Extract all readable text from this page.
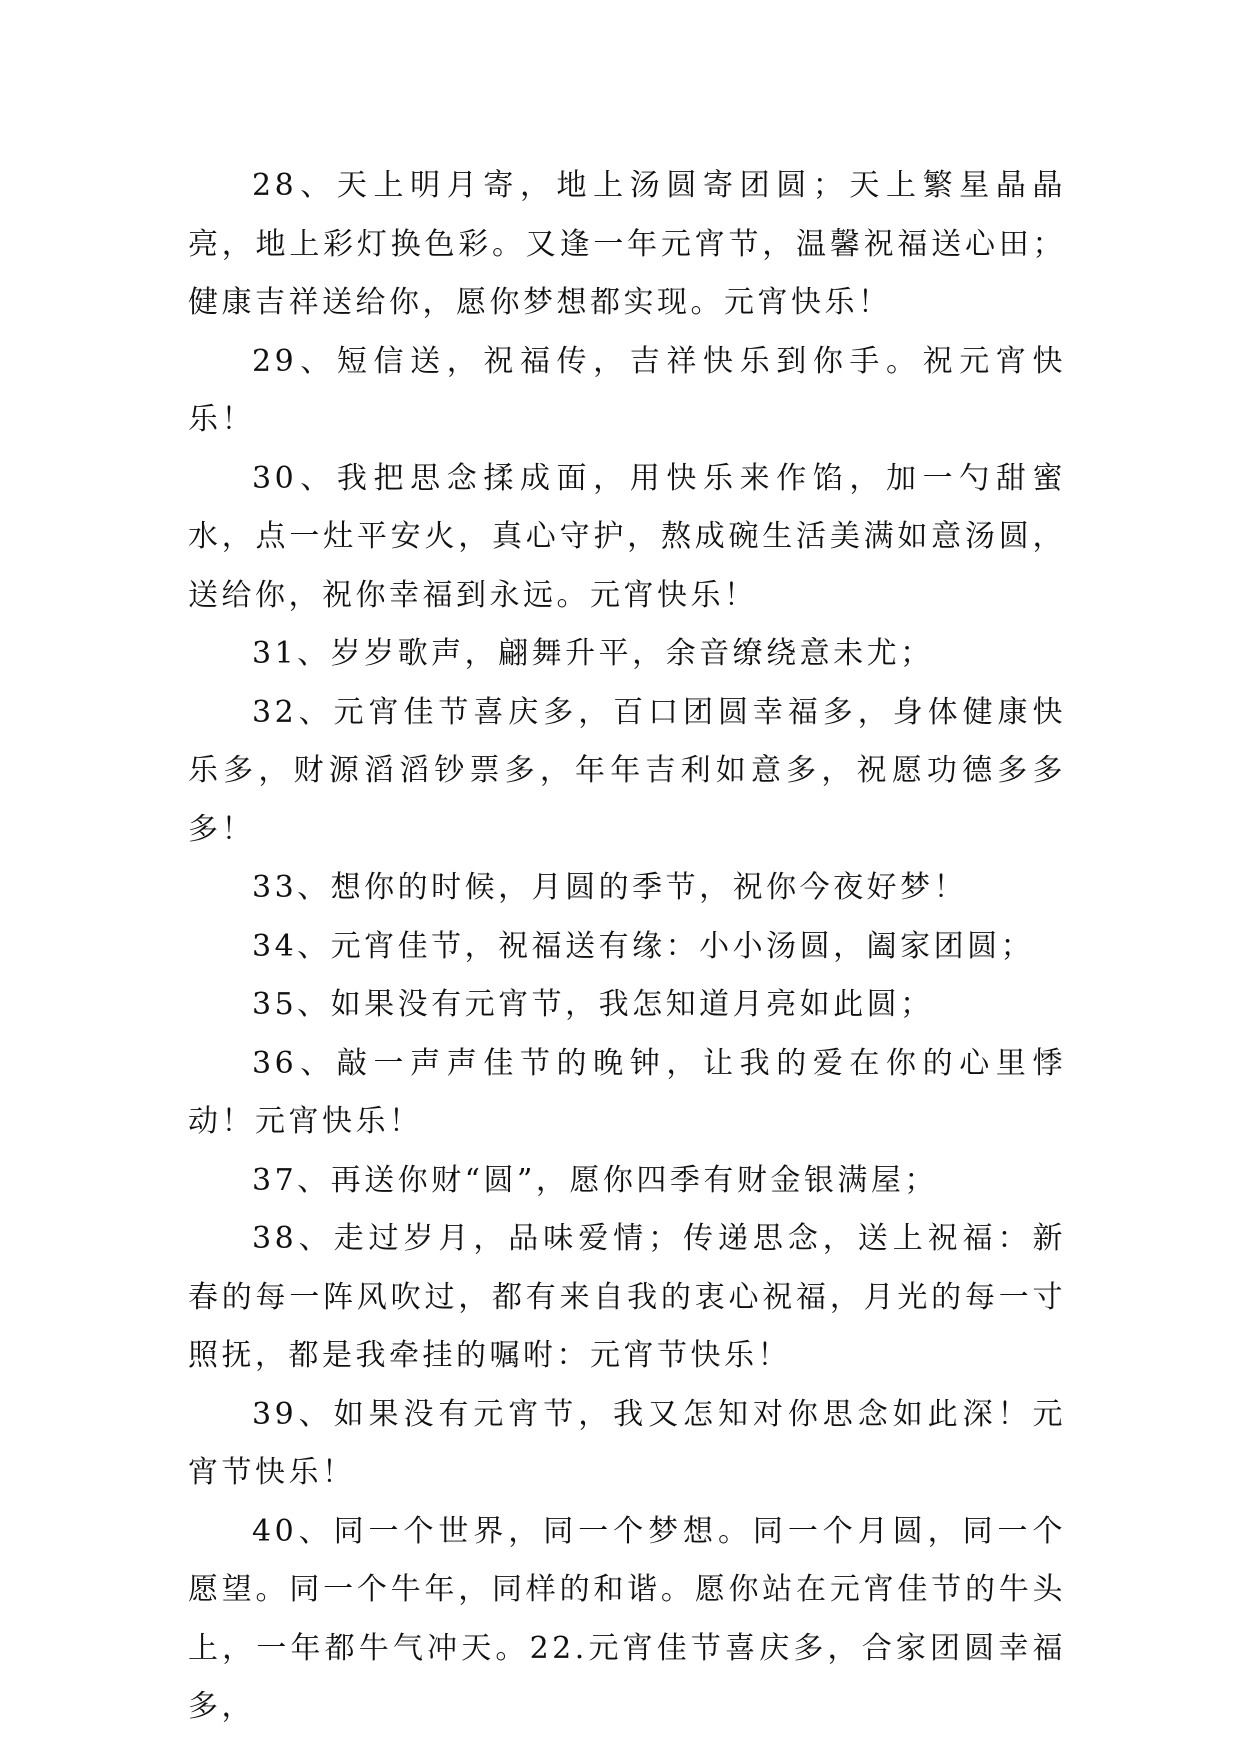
28、天上明月寄，地上汤圆寄团圆；天上繁星晶晶亮，地上彩灯换色彩。又逢一年元宵节，温馨祝福送心田；健康吉祥送给你，愿你梦想都实现。元宵快乐！

29、短信送，祝福传，吉祥快乐到你手。祝元宵快乐！

30、我把思念揉成面，用快乐来作馅，加一勺甜蜜水，点一灶平安火，真心守护，熬成碗生活美满如意汤圆，送给你，祝你幸福到永远。元宵快乐！

31、岁岁歌声，翩舞升平，余音缭绕意未尤；

32、元宵佳节喜庆多，百口团圆幸福多，身体健康快乐多，财源滔滔钞票多，年年吉利如意多，祝愿功德多多多！

33、想你的时候，月圆的季节，祝你今夜好梦！

34、元宵佳节，祝福送有缘：小小汤圆，阖家团圆；

35、如果没有元宵节，我怎知道月亮如此圆；

36、敲一声声佳节的晚钟，让我的爱在你的心里悸动！元宵快乐！

37、再送你财“圆”，愿你四季有财金银满屋；

38、走过岁月，品味爱情；传递思念，送上祝福：新春的每一阵风吹过，都有来自我的衷心祝福，月光的每一寸照抚，都是我牵挂的嘱咐：元宵节快乐！

39、如果没有元宵节，我又怎知对你思念如此深！元宵节快乐！

40、同一个世界，同一个梦想。同一个月圆，同一个愿望。同一个牛年，同样的和谐。愿你站在元宵佳节的牛头上，一年都牛气冲天。22.元宵佳节喜庆多，合家团圆幸福多，
